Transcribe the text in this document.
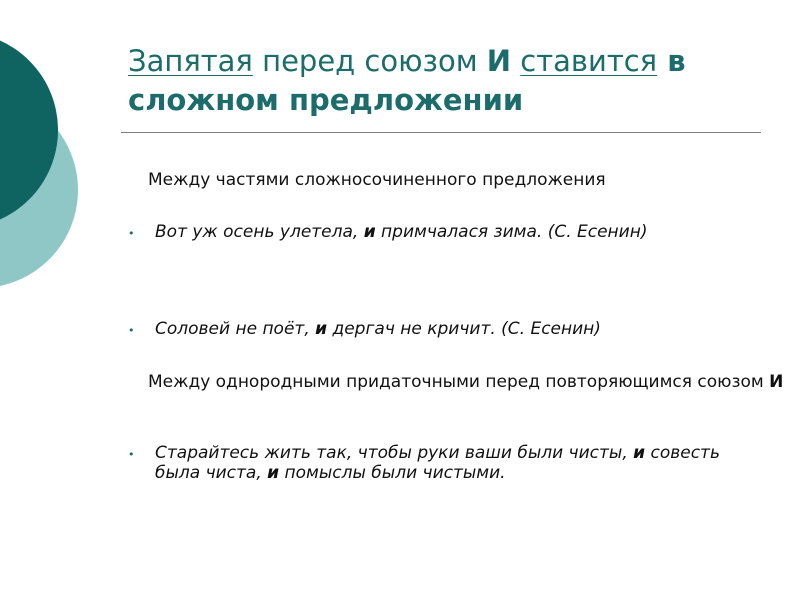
Запятая перед союзом И ставится в
сложном предложении
Между частями сложносочиненного предложения
•	Вот уж осень улетела, и примчалася зима. (С. Есенин)
•	Соловей не поёт, и дергач не кричит. (С. Есенин)
Между однородными придаточными перед повторяющимся союзом И
•	Старайтесь жить так, чтобы руки ваши были чисты, и совесть была чиста, и помыслы были чистыми.
